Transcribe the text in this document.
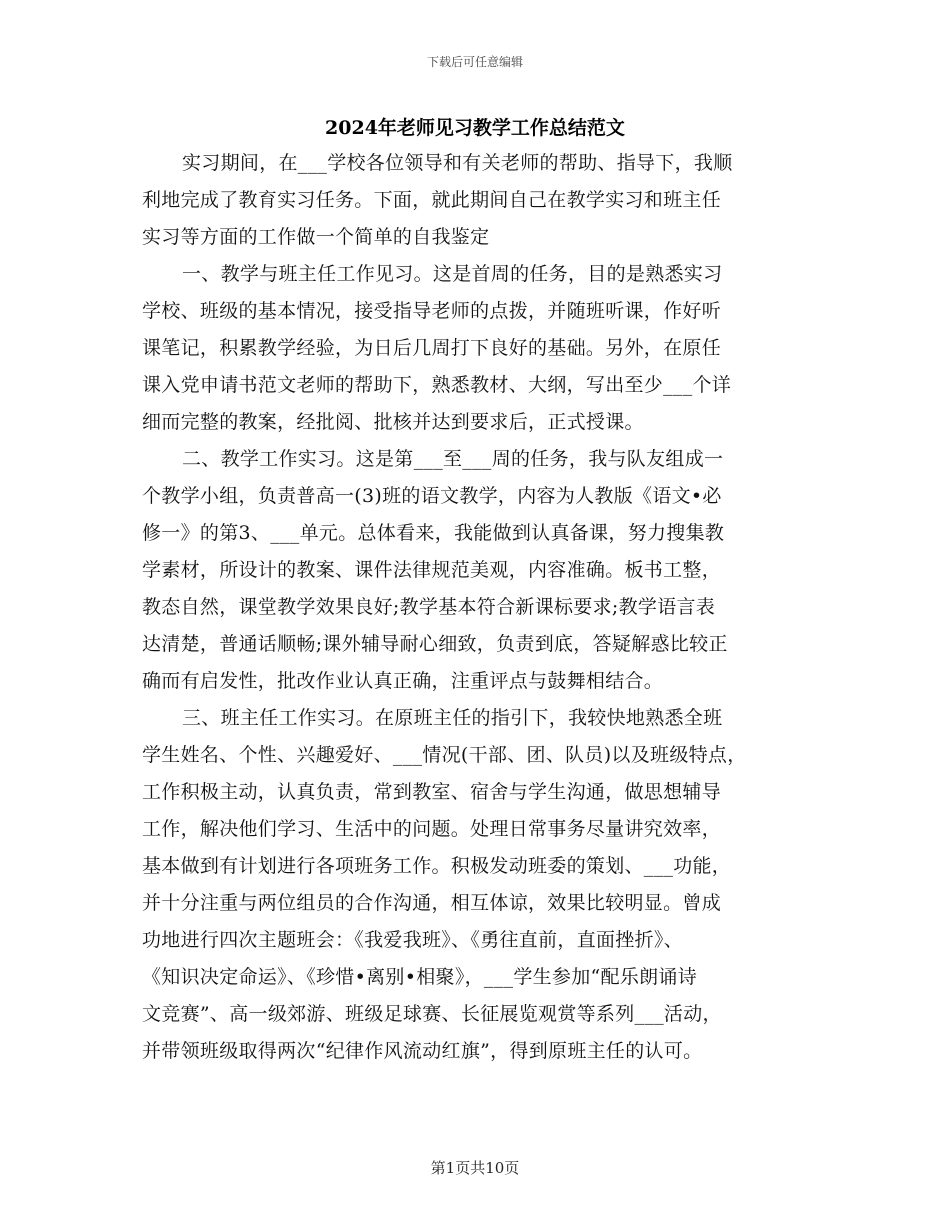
下载后可任意编辑
2024年老师见习教学工作总结范文
实习期间，在___学校各位领导和有关老师的帮助、指导下，我顺
利地完成了教育实习任务。下面，就此期间自己在教学实习和班主任
实习等方面的工作做一个简单的自我鉴定
一、教学与班主任工作见习。这是首周的任务，目的是熟悉实习
学校、班级的基本情况，接受指导老师的点拨，并随班听课，作好听
课笔记，积累教学经验，为日后几周打下良好的基础。另外，在原任
课入党申请书范文老师的帮助下，熟悉教材、大纲，写出至少___个详
细而完整的教案，经批阅、批核并达到要求后，正式授课。
二、教学工作实习。这是第___至___周的任务，我与队友组成一
个教学小组，负责普高一(3)班的语文教学，内容为人教版《语文•必
修一》的第3、___单元。总体看来，我能做到认真备课，努力搜集教
学素材，所设计的教案、课件法律规范美观，内容准确。板书工整，
教态自然，课堂教学效果良好;教学基本符合新课标要求;教学语言表
达清楚，普通话顺畅;课外辅导耐心细致，负责到底，答疑解惑比较正
确而有启发性，批改作业认真正确，注重评点与鼓舞相结合。
三、班主任工作实习。在原班主任的指引下，我较快地熟悉全班
学生姓名、个性、兴趣爱好、___情况(干部、团、队员)以及班级特点，
工作积极主动，认真负责，常到教室、宿舍与学生沟通，做思想辅导
工作，解决他们学习、生活中的问题。处理日常事务尽量讲究效率，
基本做到有计划进行各项班务工作。积极发动班委的策划、___功能，
并十分注重与两位组员的合作沟通，相互体谅，效果比较明显。曾成
功地进行四次主题班会：《我爱我班》、《勇往直前，直面挫折》、
《知识决定命运》、《珍惜•离别•相聚》，___学生参加“配乐朗诵诗
文竞赛”、高一级郊游、班级足球赛、长征展览观赏等系列___活动，
并带领班级取得两次“纪律作风流动红旗”，得到原班主任的认可。
第1页共10页
